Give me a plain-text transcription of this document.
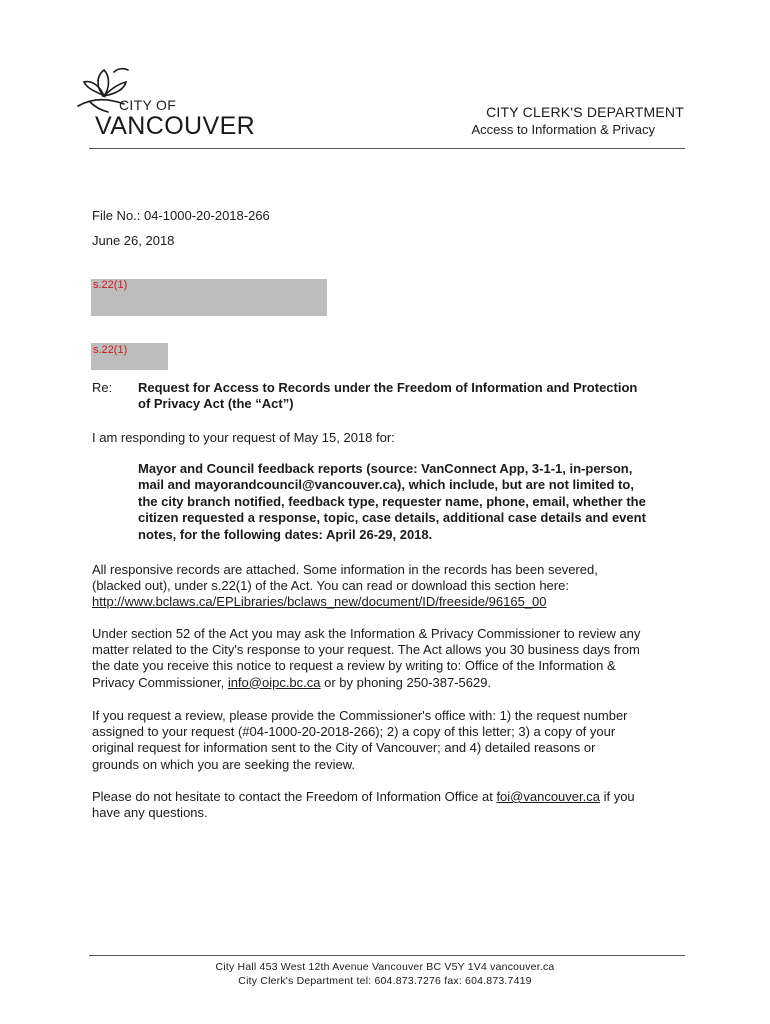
CITY OF
VANCOUVER	CITY CLERK'S DEPARTMENT
Access to Information & Privacy
File No.: 04-1000-20-2018-266
June 26, 2018
s.22(1)
s.22(1)
Re: Request for Access to Records under the Freedom of Information and Protection
of Privacy Act (the “Act”)
I am responding to your request of May 15, 2018 for:
Mayor and Council feedback reports (source: VanConnect App, 3-1-1, in-person,
mail and mayorandcouncil@vancouver.ca), which include, but are not limited to,
the city branch notified, feedback type, requester name, phone, email, whether the
citizen requested a response, topic, case details, additional case details and event
notes, for the following dates: April 26-29, 2018.
All responsive records are attached. Some information in the records has been severed,
(blacked out), under s.22(1) of the Act. You can read or download this section here:
http://www.bclaws.ca/EPLibraries/bclaws_new/document/ID/freeside/96165_00
Under section 52 of the Act you may ask the Information & Privacy Commissioner to review any
matter related to the City's response to your request. The Act allows you 30 business days from
the date you receive this notice to request a review by writing to: Office of the Information &
Privacy Commissioner, info@oipc.bc.ca or by phoning 250-387-5629.
If you request a review, please provide the Commissioner's office with: 1) the request number
assigned to your request (#04-1000-20-2018-266); 2) a copy of this letter; 3) a copy of your
original request for information sent to the City of Vancouver; and 4) detailed reasons or
grounds on which you are seeking the review.
Please do not hesitate to contact the Freedom of Information Office at foi@vancouver.ca if you
have any questions.
City Hall 453 West 12th Avenue Vancouver BC V5Y 1V4 vancouver.ca
City Clerk's Department tel: 604.873.7276 fax: 604.873.7419
